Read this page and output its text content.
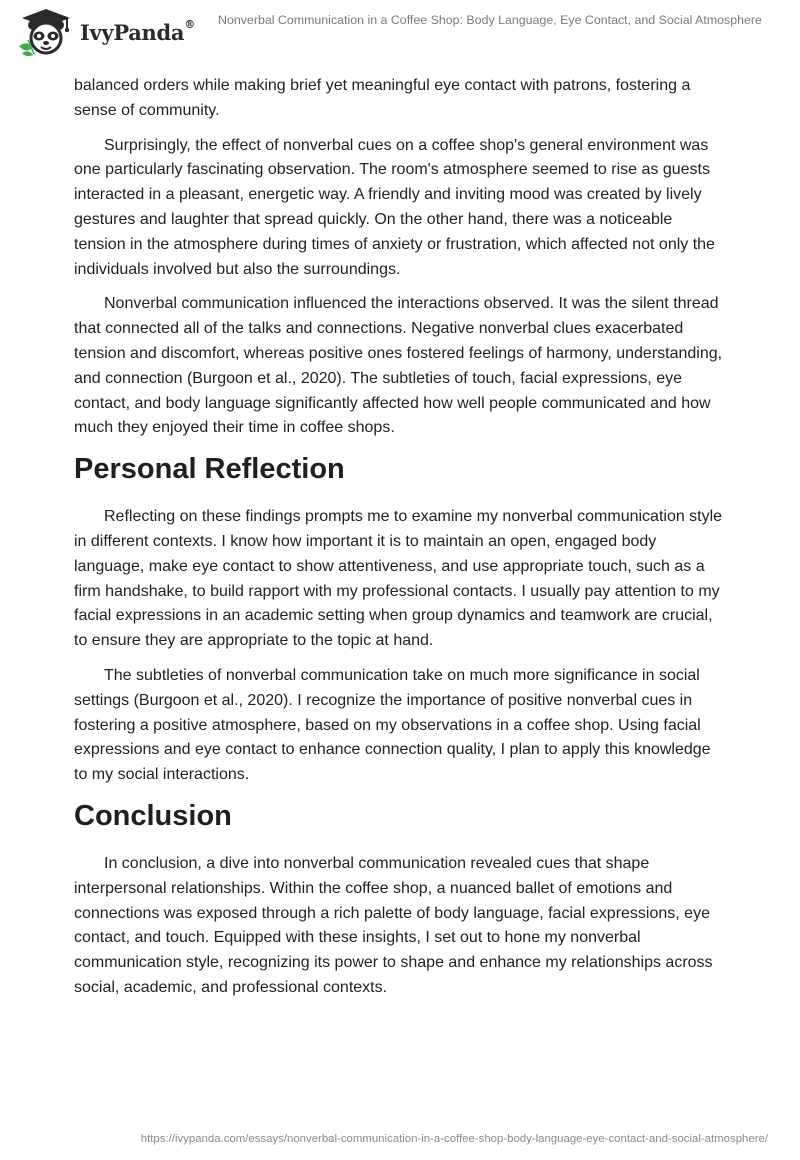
IvyPanda® Nonverbal Communication in a Coffee Shop: Body Language, Eye Contact, and Social Atmosphere

balanced orders while making brief yet meaningful eye contact with patrons, fostering a sense of community.

Surprisingly, the effect of nonverbal cues on a coffee shop's general environment was one particularly fascinating observation. The room's atmosphere seemed to rise as guests interacted in a pleasant, energetic way. A friendly and inviting mood was created by lively gestures and laughter that spread quickly. On the other hand, there was a noticeable tension in the atmosphere during times of anxiety or frustration, which affected not only the individuals involved but also the surroundings.

Nonverbal communication influenced the interactions observed. It was the silent thread that connected all of the talks and connections. Negative nonverbal clues exacerbated tension and discomfort, whereas positive ones fostered feelings of harmony, understanding, and connection (Burgoon et al., 2020). The subtleties of touch, facial expressions, eye contact, and body language significantly affected how well people communicated and how much they enjoyed their time in coffee shops.

Personal Reflection

Reflecting on these findings prompts me to examine my nonverbal communication style in different contexts. I know how important it is to maintain an open, engaged body language, make eye contact to show attentiveness, and use appropriate touch, such as a firm handshake, to build rapport with my professional contacts. I usually pay attention to my facial expressions in an academic setting when group dynamics and teamwork are crucial, to ensure they are appropriate to the topic at hand.

The subtleties of nonverbal communication take on much more significance in social settings (Burgoon et al., 2020). I recognize the importance of positive nonverbal cues in fostering a positive atmosphere, based on my observations in a coffee shop. Using facial expressions and eye contact to enhance connection quality, I plan to apply this knowledge to my social interactions.

Conclusion

In conclusion, a dive into nonverbal communication revealed cues that shape interpersonal relationships. Within the coffee shop, a nuanced ballet of emotions and connections was exposed through a rich palette of body language, facial expressions, eye contact, and touch. Equipped with these insights, I set out to hone my nonverbal communication style, recognizing its power to shape and enhance my relationships across social, academic, and professional contexts.

https://ivypanda.com/essays/nonverbal-communication-in-a-coffee-shop-body-language-eye-contact-and-social-atmosphere/
